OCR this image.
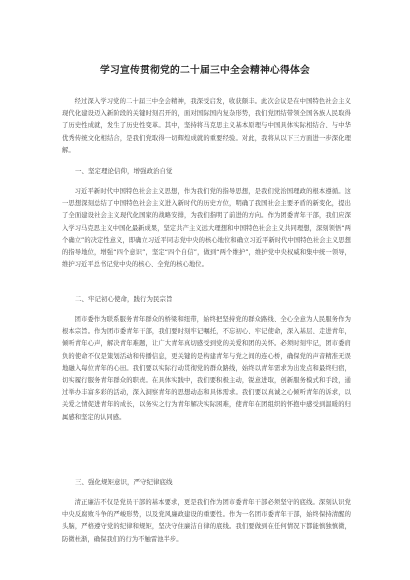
学习宣传贯彻党的二十届三中全会精神心得体会

经过深入学习党的二十届三中全会精神，我深受启发，收获颇丰。此次会议是在中国特色社会主义现代化建设迈入新阶段的关键时刻召开的，面对国际国内复杂形势，我们党团结带领全国各族人民取得了历史性成就，发生了历史性变革。其中，坚持将马克思主义基本原理与中国具体实际相结合、与中华优秀传统文化相结合，是我们党取得一切辉煌成就的重要经验。对此，我将从以下三方面进一步深化理解。

一、坚定理论信仰，增强政治自觉

习近平新时代中国特色社会主义思想，作为我们党的指导思想，是我们党治国理政的根本遵循。这一思想深刻总结了中国特色社会主义进入新时代的历史方位，明确了我国社会主要矛盾的新变化，提出了全面建设社会主义现代化国家的战略安排，为我们指明了前进的方向。作为团委青年干部，我们应深入学习马克思主义中国化最新成果，坚定共产主义远大理想和中国特色社会主义共同理想，深刻领悟“两个确立”的决定性意义，即确立习近平同志党中央的核心地位和确立习近平新时代中国特色社会主义思想的指导地位，增强“四个意识”，坚定“四个自信”，做到“两个维护”，维护党中央权威和集中统一领导，维护习近平总书记党中央的核心、全党的核心地位。

二、牢记初心使命，践行为民宗旨

团市委作为联系服务青年群众的桥梁和纽带，始终把坚持党的群众路线、全心全意为人民服务作为根本宗旨。作为团市委青年干部，我们要时刻牢记嘱托，不忘初心、牢记使命，深入基层、走进青年，倾听青年心声，解决青年难题，让广大青年真切感受到党的关爱和团的关怀。必须时刻牢记，团市委肩负的使命不仅是策划活动和传播信息，更关键的是构建青年与党之间的连心桥，确保党的声音精准无误地融入每位青年的心田。我们要以实际行动贯彻党的群众路线，始终以青年需求为出发点和最终归宿，切实履行服务青年群众的职责。在具体实践中，我们要积极主动，锐意进取，创新服务模式和手段，通过举办丰富多彩的活动，深入洞察青年的思想动态和具体需求。我们要以真诚之心倾听青年的诉求，以关爱之情促进青年的成长，以务实之行为青年解决实际困难，使青年在团组织的怀抱中感受到温暖的归属感和坚定的认同感。

三、强化规矩意识，严守纪律底线

清正廉洁不仅是党员干部的基本要求，更是我们作为团市委青年干部必须坚守的底线。深刻认识党中央反腐败斗争的严峻形势，以及党风廉政建设的重要性。作为一名团市委青年干部，始终保持清醒的头脑，严格遵守党的纪律和规矩，坚决守住廉洁自律的底线。我们要做到在任何情况下都能慎独慎微，防微杜渐，确保我们的行为不触雷池半步。
